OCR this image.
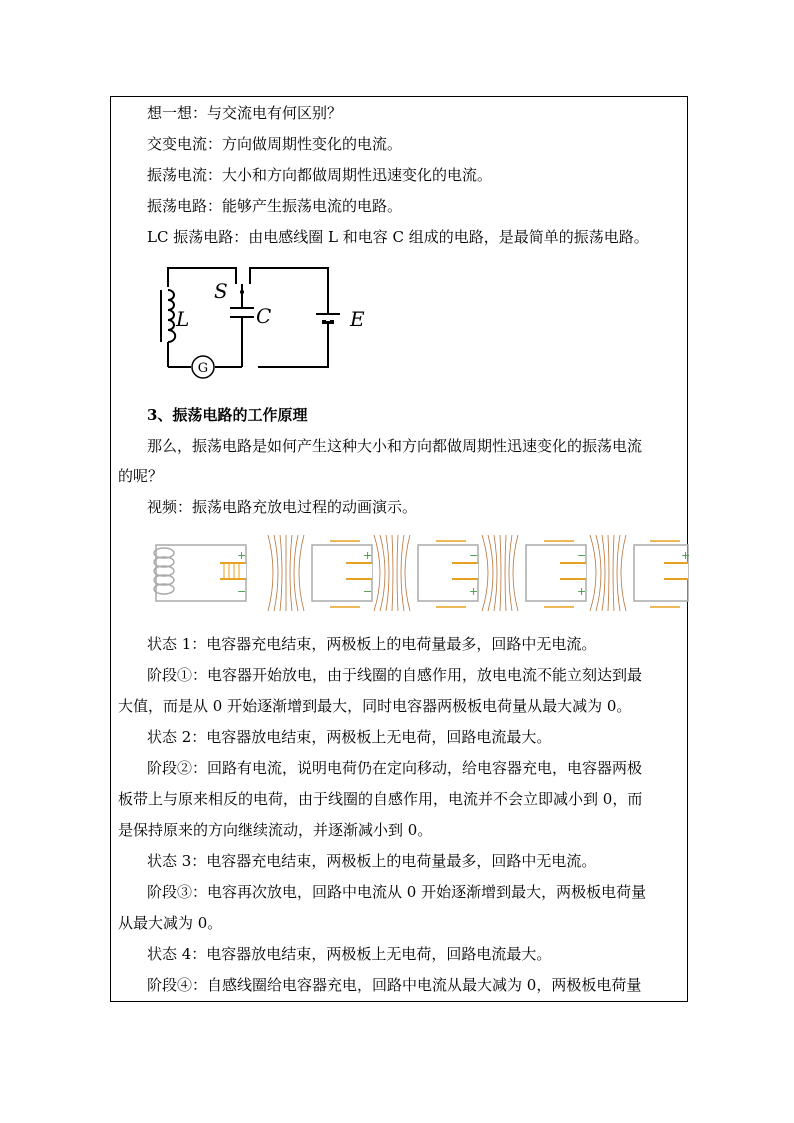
想一想：与交流电有何区别？
交变电流：方向做周期性变化的电流。
振荡电流：大小和方向都做周期性迅速变化的电流。
振荡电路：能够产生振荡电流的电路。
LC 振荡电路：由电感线圈 L 和电容 C 组成的电路，是最简单的振荡电路。
G
S
L	C	E
3、振荡电路的工作原理
那么，振荡电路是如何产生这种大小和方向都做周期性迅速变化的振荡电流
的呢？
视频：振荡电路充放电过程的动画演示。
+
−
+
−
−
+
−
+
+
状态 1：电容器充电结束，两极板上的电荷量最多，回路中无电流。
阶段①：电容器开始放电，由于线圈的自感作用，放电电流不能立刻达到最
大值，而是从 0 开始逐渐增到最大，同时电容器两极板电荷量从最大减为 0。
状态 2：电容器放电结束，两极板上无电荷，回路电流最大。
阶段②：回路有电流，说明电荷仍在定向移动，给电容器充电，电容器两极
板带上与原来相反的电荷，由于线圈的自感作用，电流并不会立即减小到 0，而
是保持原来的方向继续流动，并逐渐减小到 0。
状态 3：电容器充电结束，两极板上的电荷量最多，回路中无电流。
阶段③：电容再次放电，回路中电流从 0 开始逐渐增到最大，两极板电荷量
从最大减为 0。
状态 4：电容器放电结束，两极板上无电荷，回路电流最大。
阶段④：自感线圈给电容器充电，回路中电流从最大减为 0，两极板电荷量
